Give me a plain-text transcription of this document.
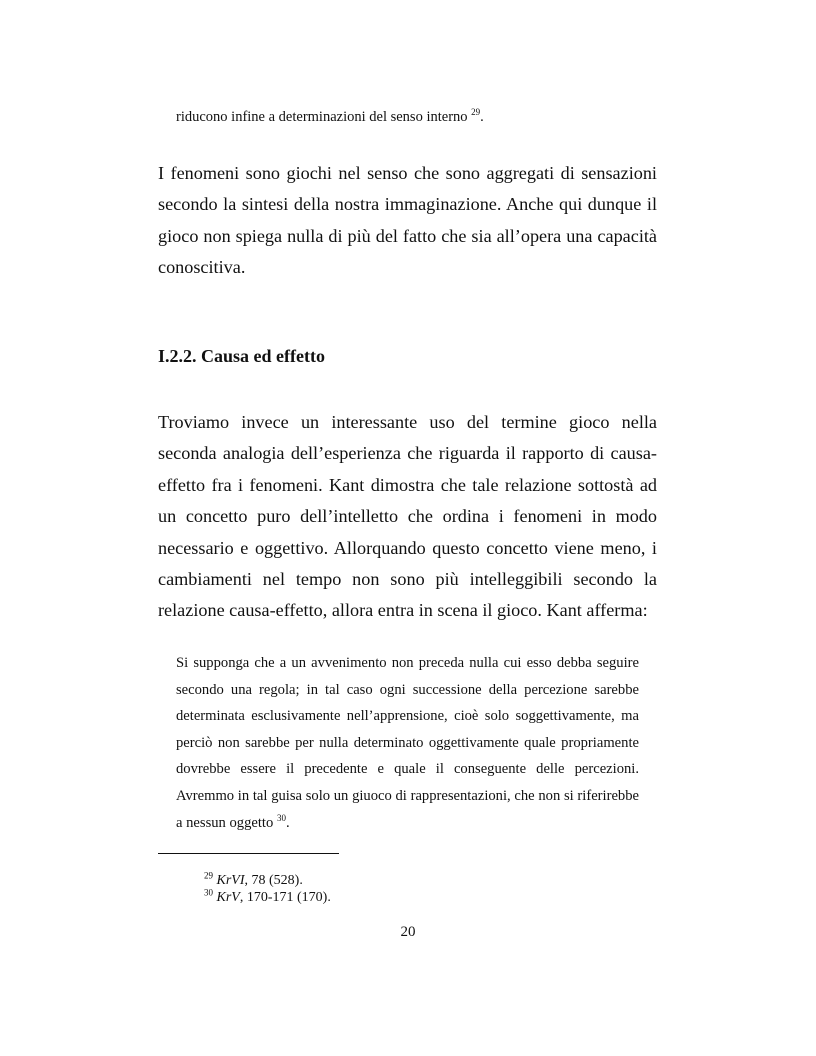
riducono infine a determinazioni del senso interno $^{29}$.

I fenomeni sono giochi nel senso che sono aggregati di sensazioni secondo la sintesi della nostra immaginazione. Anche qui dunque il gioco non spiega nulla di più del fatto che sia all’opera una capacità conoscitiva.

I.2.2. Causa ed effetto

Troviamo invece un interessante uso del termine gioco nella seconda analogia dell’esperienza che riguarda il rapporto di causa-effetto fra i fenomeni. Kant dimostra che tale relazione sottostà ad un concetto puro dell’intelletto che ordina i fenomeni in modo necessario e oggettivo. Allorquando questo concetto viene meno, i cambiamenti nel tempo non sono più intelleggibili secondo la relazione causa-effetto, allora entra in scena il gioco. Kant afferma:

Si supponga che a un avvenimento non preceda nulla cui esso debba seguire secondo una regola; in tal caso ogni successione della percezione sarebbe determinata esclusivamente nell’apprensione, cioè solo soggettivamente, ma perciò non sarebbe per nulla determinato oggettivamente quale propriamente dovrebbe essere il precedente e quale il conseguente delle percezioni. Avremmo in tal guisa solo un giuoco di rappresentazioni, che non si riferirebbe a nessun oggetto $^{30}$.

$^{29}$ KrVI, 78 (528).
$^{30}$ KrV, 170-171 (170).
20
